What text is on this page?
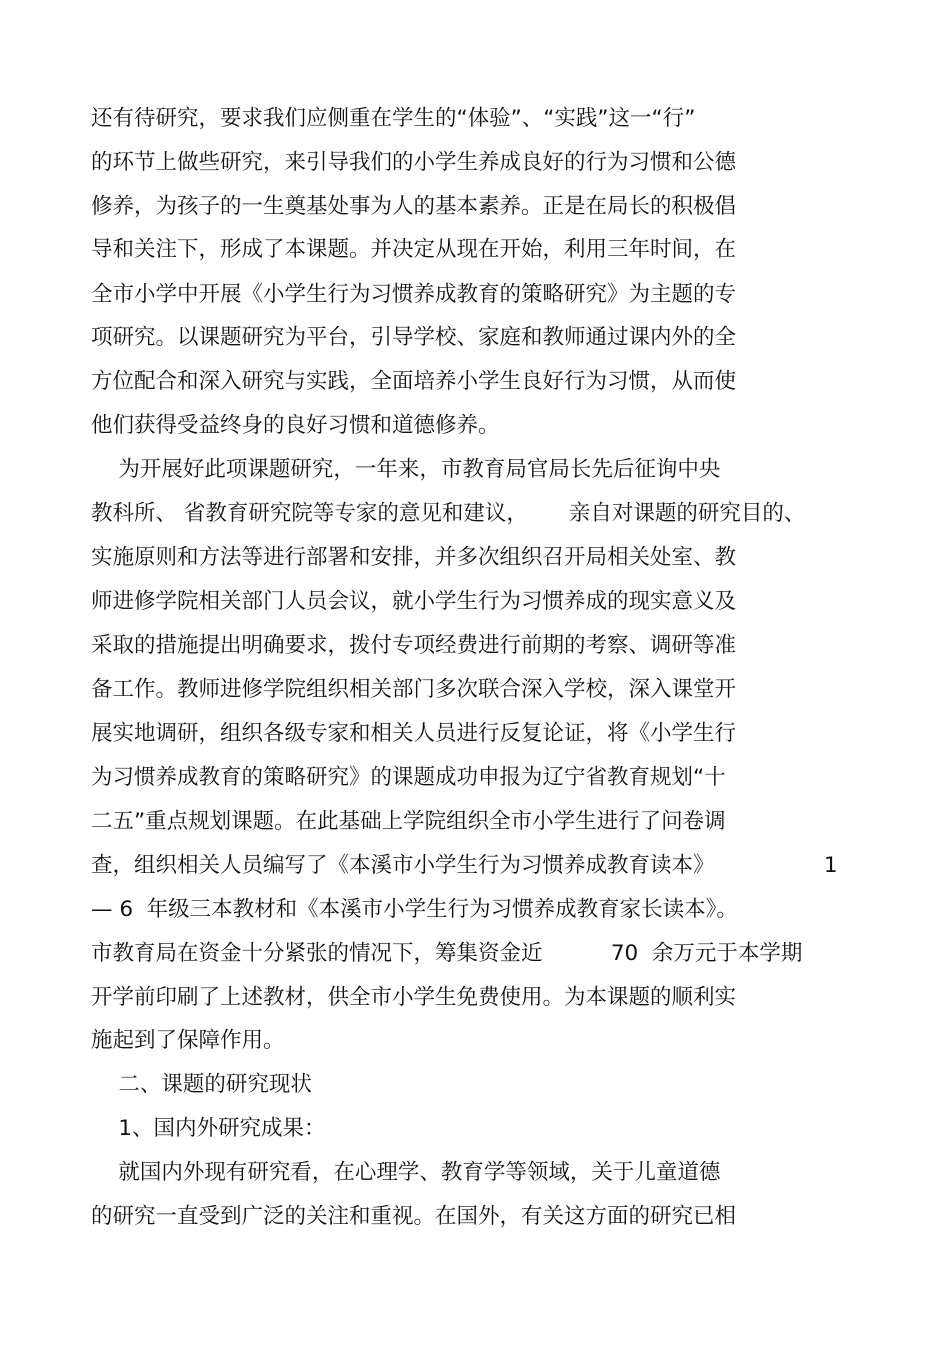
还有待研究，要求我们应侧重在学生的“体验”、“实践”这一“行”
的环节上做些研究，来引导我们的小学生养成良好的行为习惯和公德
修养，为孩子的一生奠基处事为人的基本素养。正是在局长的积极倡
导和关注下，形成了本课题。并决定从现在开始，利用三年时间，在
全市小学中开展《小学生行为习惯养成教育的策略研究》为主题的专
项研究。以课题研究为平台，引导学校、家庭和教师通过课内外的全
方位配合和深入研究与实践，全面培养小学生良好行为习惯，从而使
他们获得受益终身的良好习惯和道德修养。
为开展好此项课题研究，一年来，市教育局官局长先后征询中央
教科所、 省教育研究院等专家的意见和建议，      亲自对课题的研究目的、
实施原则和方法等进行部署和安排，并多次组织召开局相关处室、教
师进修学院相关部门人员会议，就小学生行为习惯养成的现实意义及
采取的措施提出明确要求，拨付专项经费进行前期的考察、调研等准
备工作。教师进修学院组织相关部门多次联合深入学校，深入课堂开
展实地调研，组织各级专家和相关人员进行反复论证，将《小学生行
为习惯养成教育的策略研究》的课题成功申报为辽宁省教育规划“十
二五”重点规划课题。在此基础上学院组织全市小学生进行了问卷调
查，组织相关人员编写了《本溪市小学生行为习惯养成教育读本》                1
— 6  年级三本教材和《本溪市小学生行为习惯养成教育家长读本》。
市教育局在资金十分紧张的情况下，筹集资金近          70  余万元于本学期
开学前印刷了上述教材，供全市小学生免费使用。为本课题的顺利实
施起到了保障作用。
二、课题的研究现状
1、国内外研究成果：
就国内外现有研究看，在心理学、教育学等领域，关于儿童道德
的研究一直受到广泛的关注和重视。在国外，有关这方面的研究已相
